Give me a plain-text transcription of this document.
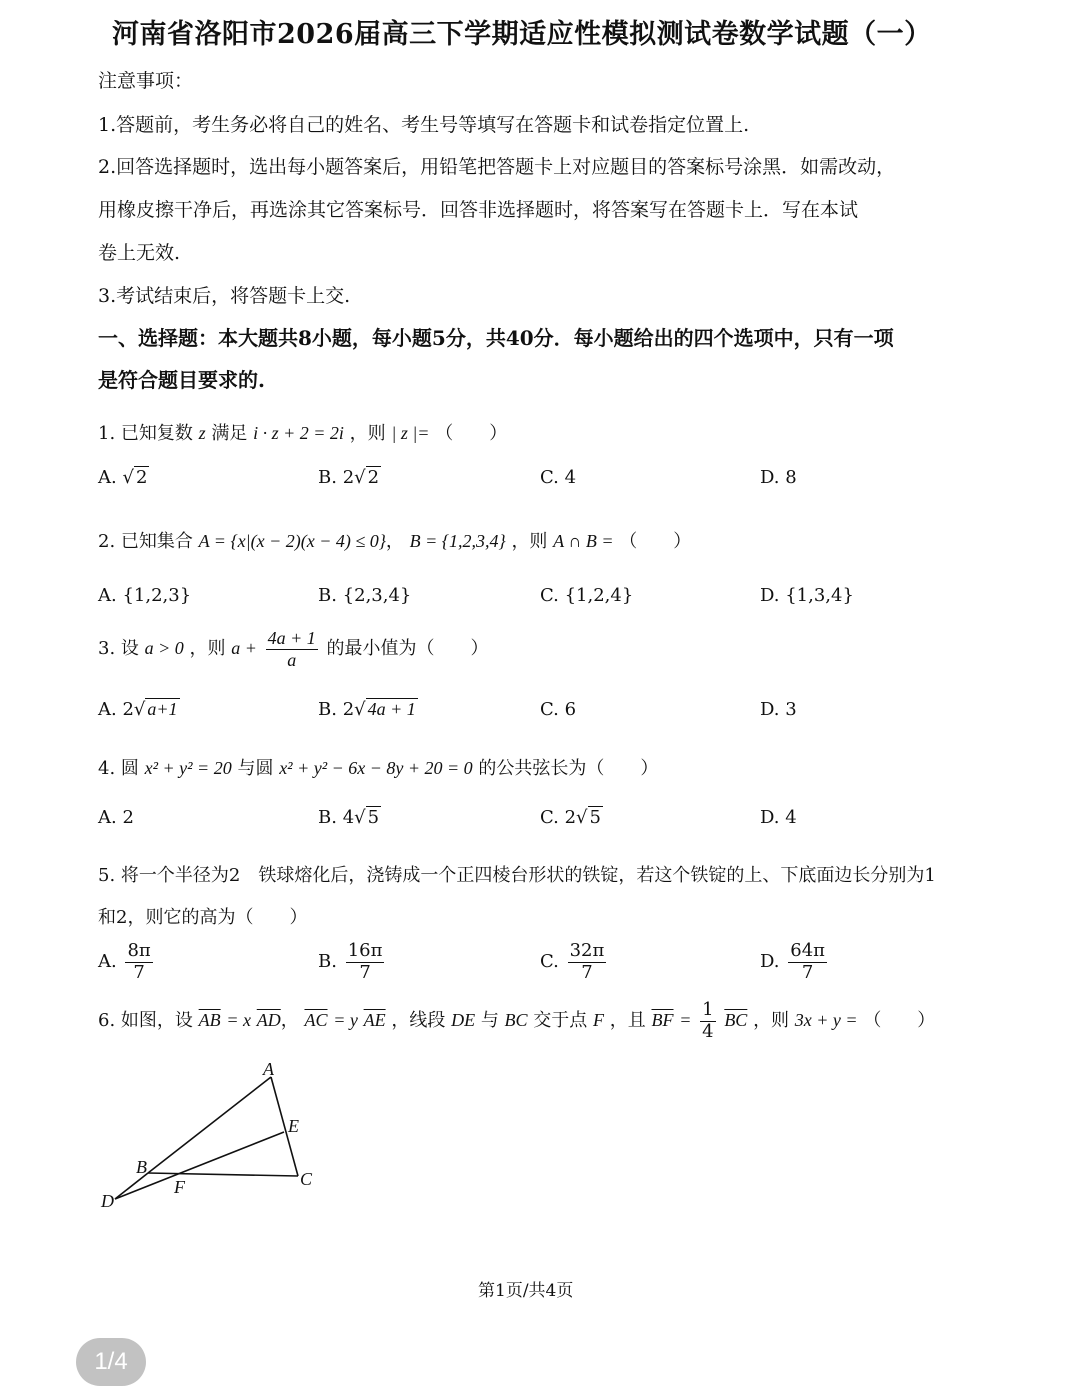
河南省洛阳市2026届高三下学期适应性模拟测试卷数学试题（一）
注意事项：
1.答题前，考生务必将自己的姓名、考生号等填写在答题卡和试卷指定位置上.
2.回答选择题时，选出每小题答案后，用铅笔把答题卡上对应题目的答案标号涂黑．如需改动，
用橡皮擦干净后，再选涂其它答案标号．回答非选择题时，将答案写在答题卡上．写在本试
卷上无效.
3.考试结束后，将答题卡上交.
一、选择题：本大题共8小题，每小题5分，共40分．每小题给出的四个选项中，只有一项
是符合题目要求的.
1. 已知复数 z 满足 i · z + 2 = 2i ，则 | z |= （　　）
A. √ 2	B. 2√ 2	C. 4	D. 8
2. 已知集合 A = {x|(x − 2)(x − 4) ≤ 0}， B = {1,2,3,4} ，则 A ∩ B = （　　）
A. {1,2,3}	B. {2,3,4}	C. {1,2,4}	D. {1,3,4}
3. 设 a > 0 ，则 $a + \frac{4a + 1}{a}$ 的最小值为（　　）
A. 2√ a+1	B. 2√ 4a + 1	C. 6	D. 3
4. 圆 x² + y² = 20 与圆 x² + y² − 6x − 8y + 20 = 0 的公共弦长为（　　）
A. 2	B. 4√ 5	C. 2√ 5	D. 4
5. 将一个半径为2　铁球熔化后，浇铸成一个正四棱台形状的铁锭，若这个铁锭的上、下底面边长分别为1
和2，则它的高为（　　）
A. $\frac{8\pi}{7}$	B. $\frac{16\pi}{7}$	C. $\frac{32\pi}{7}$	D. $\frac{64\pi}{7}$
6. 如图，设 $\overline{AB} = x$ $\overline{AD}$， $\overline{AC} = y$ $\overline{AE}$ ，线段 DE 与 BC 交于点 F ，且 $\overline{BF} = \frac{1}{4} \overline{BC}$ ，则 3x + y = （　　）
A
E
B
C
F
D
第1页/共4页
1/4
